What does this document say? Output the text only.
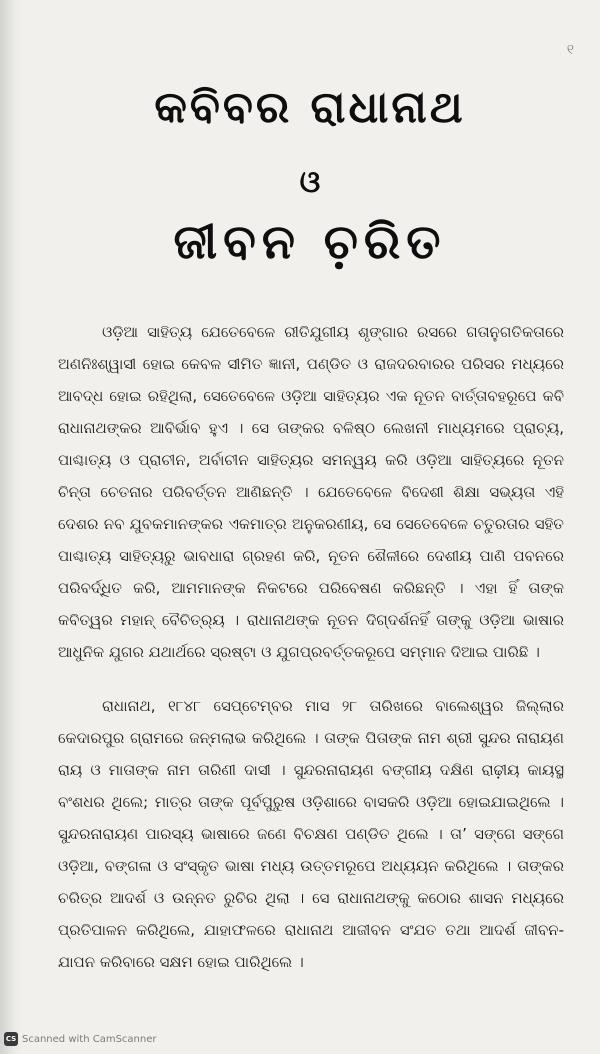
୧
କବିବର ରାଧାନାଥ
ଓ
ଜୀବନ ଚ଼ରିତ

ଓଡ଼ିଆ ସାହିତ୍ୟ ଯେତେବେଳେ ରୀତିଯୁଗୀୟ ଶୃଙ୍ଗାର ରସରେ ଗତାନୁଗତିକତାରେ ଅଣନିଃଶ୍ୱାସୀ ହୋଇ କେବଳ ସୀମିତ ଜ୍ଞାନୀ, ପଣ୍ଡିତ ଓ ରାଜଦରବାରର ପରିସର ମଧ୍ୟରେ ଆବଦ୍ଧ ହୋଇ ରହିଥିଲା, ସେତେବେଳେ ଓଡ଼ିଆ ସାହିତ୍ୟର ଏକ ନୂତନ ବାର୍ତ୍ତାବହରୂପେ କବି ରାଧାନାଥଙ୍କର ଆବିର୍ଭାବ ହୁଏ । ସେ ତାଙ୍କର ବଳିଷ୍ଠ ଲେଖନୀ ମାଧ୍ୟମରେ ପ୍ରାଚ୍ୟ, ପାଶ୍ଚାତ୍ୟ ଓ ପ୍ରାଚୀନ, ଅର୍ବାଚୀନ ସାହିତ୍ୟର ସମନ୍ୱୟ କରି ଓଡ଼ିଆ ସାହିତ୍ୟରେ ନୂତନ ଚିନ୍ତା ଚେତନାର ପରିବର୍ତ୍ତନ ଆଣିଛନ୍ତି । ଯେତେବେଳେ ବିଦେଶୀ ଶିକ୍ଷା ସଭ୍ୟତା ଏହି ଦେଶର ନବ ଯୁବକମାନଙ୍କର ଏକମାତ୍ର ଅନୁକରଣୀୟ, ସେ ସେତେବେଳେ ଚତୁରତାର ସହିତ ପାଶ୍ଚାତ୍ୟ ସାହିତ୍ୟରୁ ଭାବଧାରା ଗ୍ରହଣ କରି, ନୂତନ ଶୈଳୀରେ ଦେଶୀୟ ପାଣି ପବନରେ ପରିବର୍ଦ୍ଧିତ କରି, ଆମମାନଙ୍କ ନିକଟରେ ପରିବେଷଣ କରିଛନ୍ତି । ଏହା ହିଁ ତାଙ୍କ କବିତ୍ୱର ମହାନ୍ ବୈଚିତ୍ର୍ୟ । ରାଧାନାଥଙ୍କ ନୂତନ ଦିଗ୍‌ଦର୍ଶନହିଁ ତାଙ୍କୁ ଓଡ଼ିଆ ଭାଷାର ଆଧୁନିକ ଯୁଗର ଯଥାର୍ଥରେ ସ୍ରଷ୍ଟା ଓ ଯୁଗପ୍ରବର୍ତ୍ତକରୂପେ ସମ୍ମାନ ଦିଆଇ ପାରିଛି ।

ରାଧାନାଥ, ୧୮୪୮ ସେପ୍ଟେମ୍ବର ମାସ ୨୮ ତାରିଖରେ ବାଲେଶ୍ୱର ଜିଲ୍ଲାର କେଦାରପୁର ଗ୍ରାମରେ ଜନ୍ମଲାଭ କରିଥିଲେ । ତାଙ୍କ ପିତାଙ୍କ ନାମ ଶ୍ରୀ ସୁନ୍ଦର ନାରାୟଣ ରାୟ ଓ ମାତାଙ୍କ ନାମ ତାରିଣୀ ଦାସୀ । ସୁନ୍ଦରନାରାୟଣ ବଙ୍ଗୀୟ ଦକ୍ଷିଣ ରାଢ଼ୀୟ କାୟସ୍ଥ ବଂଶଧର ଥିଲେ; ମାତ୍ର ତାଙ୍କ ପୂର୍ବପୁରୁଷ ଓଡ଼ିଶାରେ ବାସକରି ଓଡ଼ିଆ ହୋଇଯାଇଥିଲେ । ସୁନ୍ଦରନାରାୟଣ ପାରସ୍ୟ ଭାଷାରେ ଜଣେ ବିଚକ୍ଷଣ ପଣ୍ଡିତ ଥିଲେ । ତା’ ସଙ୍ଗେ ସଙ୍ଗେ ଓଡ଼ିଆ, ବଙ୍ଗଳା ଓ ସଂସ୍କୃତ ଭାଷା ମଧ୍ୟ ଉତ୍ତମରୂପେ ଅଧ୍ୟୟନ କରିଥିଲେ । ତାଙ୍କର ଚରିତ୍ର ଆଦର୍ଶ ଓ ଉନ୍ନତ ରୁଚିର ଥିଲା । ସେ ରାଧାନାଥଙ୍କୁ କଠୋର ଶାସନ ମଧ୍ୟରେ ପ୍ରତିପାଳନ କରିଥିଲେ, ଯାହାଫଳରେ ରାଧାନାଥ ଆଜୀବନ ସଂଯତ ତଥା ଆଦର୍ଶ ଜୀବନ-ଯାପନ କରିବାରେ ସକ୍ଷମ ହୋଇ ପାରିଥିଲେ ।

CS Scanned with CamScanner
